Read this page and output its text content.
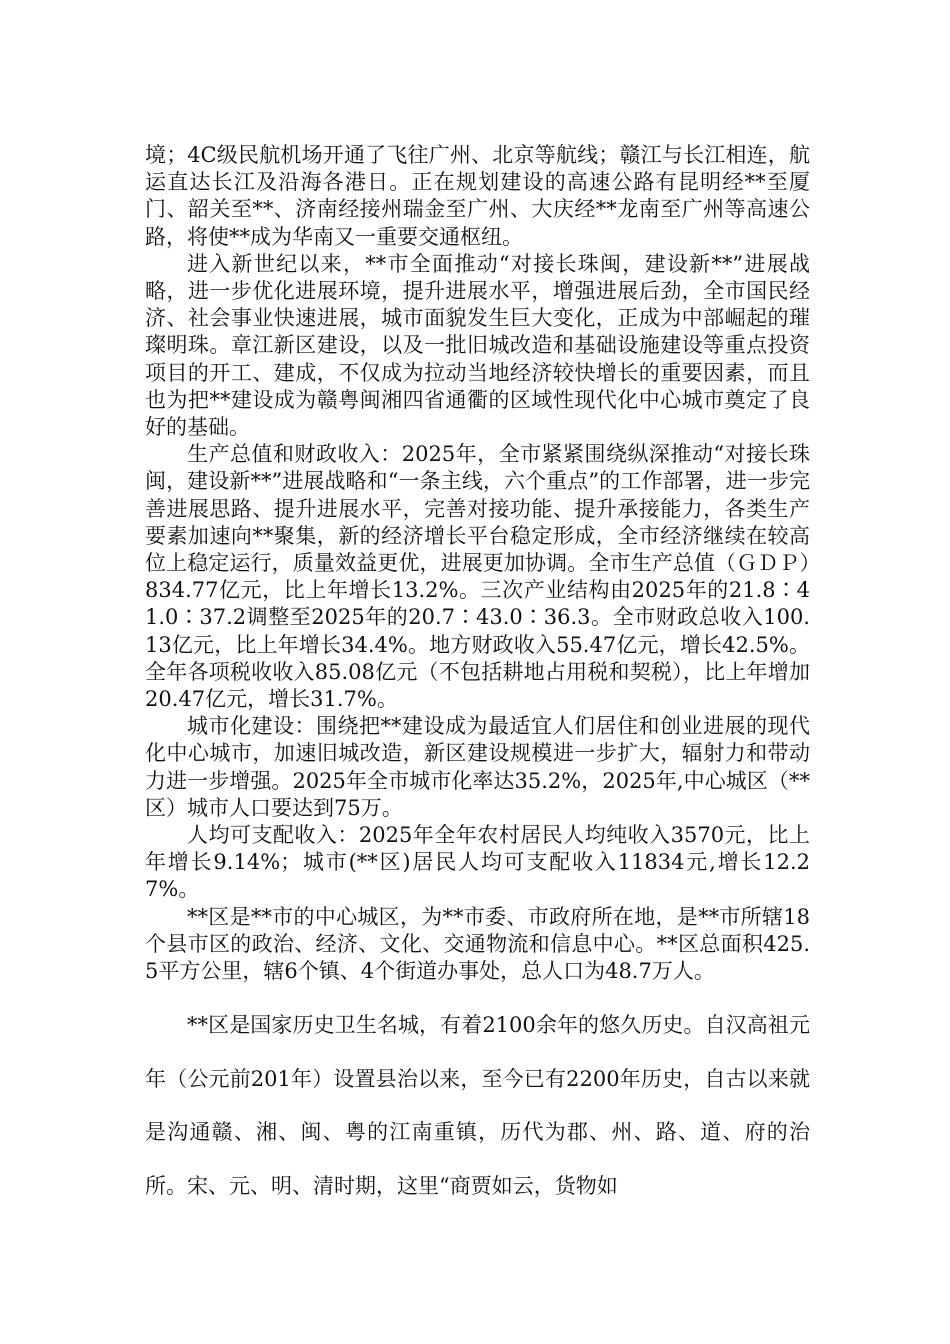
境；4C级民航机场开通了飞往广州、北京等航线；赣江与长江相连，航运直达长江及沿海各港日。正在规划建设的高速公路有昆明经**至厦门、韶关至**、济南经接州瑞金至广州、大庆经**龙南至广州等高速公路，将使**成为华南又一重要交通枢纽。

进入新世纪以来，**市全面推动“对接长珠闽，建设新**”进展战略，进一步优化进展环境，提升进展水平，增强进展后劲，全市国民经济、社会事业快速进展，城市面貌发生巨大变化，正成为中部崛起的璀璨明珠。章江新区建设，以及一批旧城改造和基础设施建设等重点投资项目的开工、建成，不仅成为拉动当地经济较快增长的重要因素，而且也为把**建设成为赣粤闽湘四省通衢的区域性现代化中心城市奠定了良好的基础。

生产总值和财政收入：2025年，全市紧紧围绕纵深推动“对接长珠闽，建设新**”进展战略和“一条主线，六个重点”的工作部署，进一步完善进展思路、提升进展水平，完善对接功能、提升承接能力，各类生产要素加速向**聚集，新的经济增长平台稳定形成，全市经济继续在较高位上稳定运行，质量效益更优，进展更加协调。全市生产总值（ＧＤＰ）834.77亿元，比上年增长13.2%。三次产业结构由2025年的21.8∶41.0∶37.2调整至2025年的20.7∶43.0∶36.3。全市财政总收入100.13亿元，比上年增长34.4%。地方财政收入55.47亿元，增长42.5%。全年各项税收收入85.08亿元（不包括耕地占用税和契税），比上年增加20.47亿元，增长31.7%。

城市化建设：围绕把**建设成为最适宜人们居住和创业进展的现代化中心城市，加速旧城改造，新区建设规模进一步扩大，辐射力和带动力进一步增强。2025年全市城市化率达35.2%，2025年,中心城区（**区）城市人口要达到75万。

人均可支配收入：2025年全年农村居民人均纯收入3570元，比上年增长9.14%；城市(**区)居民人均可支配收入11834元,增长12.27%。

**区是**市的中心城区，为**市委、市政府所在地，是**市所辖18个县市区的政治、经济、文化、交通物流和信息中心。**区总面积425.5平方公里，辖6个镇、4个街道办事处，总人口为48.7万人。

**区是国家历史卫生名城，有着2100余年的悠久历史。自汉高祖元年（公元前201年）设置县治以来，至今已有2200年历史，自古以来就是沟通赣、湘、闽、粤的江南重镇，历代为郡、州、路、道、府的治所。宋、元、明、清时期，这里“商贾如云，货物如
